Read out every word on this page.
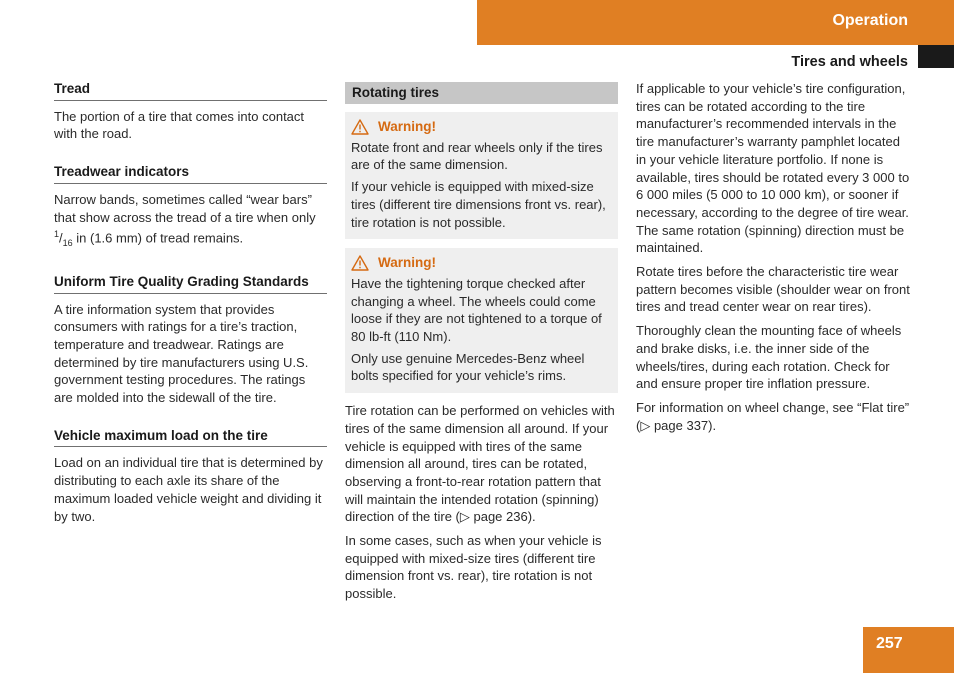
Operation
Tires and wheels
Tread

The portion of a tire that comes into contact with the road.

Treadwear indicators

Narrow bands, sometimes called “wear bars” that show across the tread of a tire when only $^1/_{16}$ in (1.6 mm) of tread remains.

Uniform Tire Quality Grading Standards

A tire information system that provides consumers with ratings for a tire’s traction, temperature and treadwear. Ratings are determined by tire manufacturers using U.S. government testing procedures. The ratings are molded into the sidewall of the tire.

Vehicle maximum load on the tire

Load on an individual tire that is determined by distributing to each axle its share of the maximum loaded vehicle weight and dividing it by two.

Rotating tires
Warning!

Rotate front and rear wheels only if the tires are of the same dimension.

If your vehicle is equipped with mixed-size tires (different tire dimensions front vs. rear), tire rotation is not possible.

Warning!

Have the tightening torque checked after changing a wheel. The wheels could come loose if they are not tightened to a torque of 80 lb-ft (110 Nm).

Only use genuine Mercedes-Benz wheel bolts specified for your vehicle’s rims.

Tire rotation can be performed on vehicles with tires of the same dimension all around. If your vehicle is equipped with tires of the same dimension all around, tires can be rotated, observing a front-to-rear rotation pattern that will maintain the intended rotation (spinning) direction of the tire (▷ page 236).

In some cases, such as when your vehicle is equipped with mixed-size tires (different tire dimension front vs. rear), tire rotation is not possible.

If applicable to your vehicle’s tire configuration, tires can be rotated according to the tire manufacturer’s recommended intervals in the tire manufacturer’s warranty pamphlet located in your vehicle literature portfolio. If none is available, tires should be rotated every 3 000 to 6 000 miles (5 000 to 10 000 km), or sooner if necessary, according to the degree of tire wear. The same rotation (spinning) direction must be maintained.

Rotate tires before the characteristic tire wear pattern becomes visible (shoulder wear on front tires and tread center wear on rear tires).

Thoroughly clean the mounting face of wheels and brake disks, i.e. the inner side of the wheels/tires, during each rotation. Check for and ensure proper tire inflation pressure.

For information on wheel change, see “Flat tire” (▷ page 337).

257
